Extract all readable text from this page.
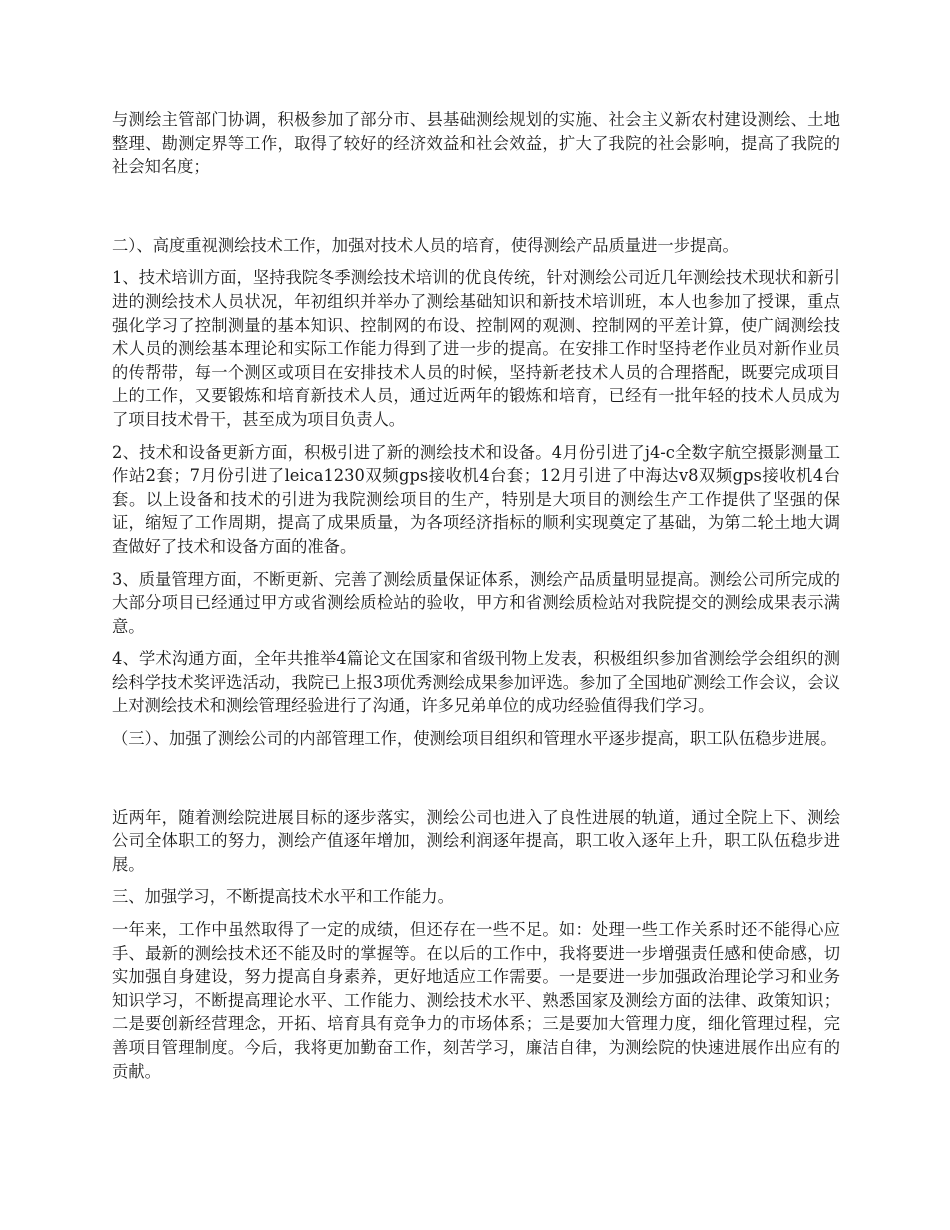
与测绘主管部门协调，积极参加了部分市、县基础测绘规划的实施、社会主义新农村建设测绘、土地整理、勘测定界等工作，取得了较好的经济效益和社会效益，扩大了我院的社会影响，提高了我院的社会知名度；

二）、高度重视测绘技术工作，加强对技术人员的培育，使得测绘产品质量进一步提高。

1、技术培训方面，坚持我院冬季测绘技术培训的优良传统，针对测绘公司近几年测绘技术现状和新引进的测绘技术人员状况，年初组织并举办了测绘基础知识和新技术培训班，本人也参加了授课，重点强化学习了控制测量的基本知识、控制网的布设、控制网的观测、控制网的平差计算，使广阔测绘技术人员的测绘基本理论和实际工作能力得到了进一步的提高。在安排工作时坚持老作业员对新作业员的传帮带，每一个测区或项目在安排技术人员的时候，坚持新老技术人员的合理搭配，既要完成项目上的工作，又要锻炼和培育新技术人员，通过近两年的锻炼和培育，已经有一批年轻的技术人员成为了项目技术骨干，甚至成为项目负责人。

2、技术和设备更新方面，积极引进了新的测绘技术和设备。4月份引进了j4-c全数字航空摄影测量工作站2套；7月份引进了leica1230双频gps接收机4台套；12月引进了中海达v8双频gps接收机4台套。以上设备和技术的引进为我院测绘项目的生产，特别是大项目的测绘生产工作提供了坚强的保证，缩短了工作周期，提高了成果质量，为各项经济指标的顺利实现奠定了基础，为第二轮土地大调查做好了技术和设备方面的准备。

3、质量管理方面，不断更新、完善了测绘质量保证体系，测绘产品质量明显提高。测绘公司所完成的大部分项目已经通过甲方或省测绘质检站的验收，甲方和省测绘质检站对我院提交的测绘成果表示满意。

4、学术沟通方面，全年共推举4篇论文在国家和省级刊物上发表，积极组织参加省测绘学会组织的测绘科学技术奖评选活动，我院已上报3项优秀测绘成果参加评选。参加了全国地矿测绘工作会议，会议上对测绘技术和测绘管理经验进行了沟通，许多兄弟单位的成功经验值得我们学习。

（三）、加强了测绘公司的内部管理工作，使测绘项目组织和管理水平逐步提高，职工队伍稳步进展。

近两年，随着测绘院进展目标的逐步落实，测绘公司也进入了良性进展的轨道，通过全院上下、测绘公司全体职工的努力，测绘产值逐年增加，测绘利润逐年提高，职工收入逐年上升，职工队伍稳步进展。

三、加强学习，不断提高技术水平和工作能力。

一年来，工作中虽然取得了一定的成绩，但还存在一些不足。如：处理一些工作关系时还不能得心应手、最新的测绘技术还不能及时的掌握等。在以后的工作中，我将要进一步增强责任感和使命感，切实加强自身建设，努力提高自身素养，更好地适应工作需要。一是要进一步加强政治理论学习和业务知识学习，不断提高理论水平、工作能力、测绘技术水平、熟悉国家及测绘方面的法律、政策知识；二是要创新经营理念，开拓、培育具有竞争力的市场体系；三是要加大管理力度，细化管理过程，完善项目管理制度。今后，我将更加勤奋工作，刻苦学习，廉洁自律，为测绘院的快速进展作出应有的贡献。
